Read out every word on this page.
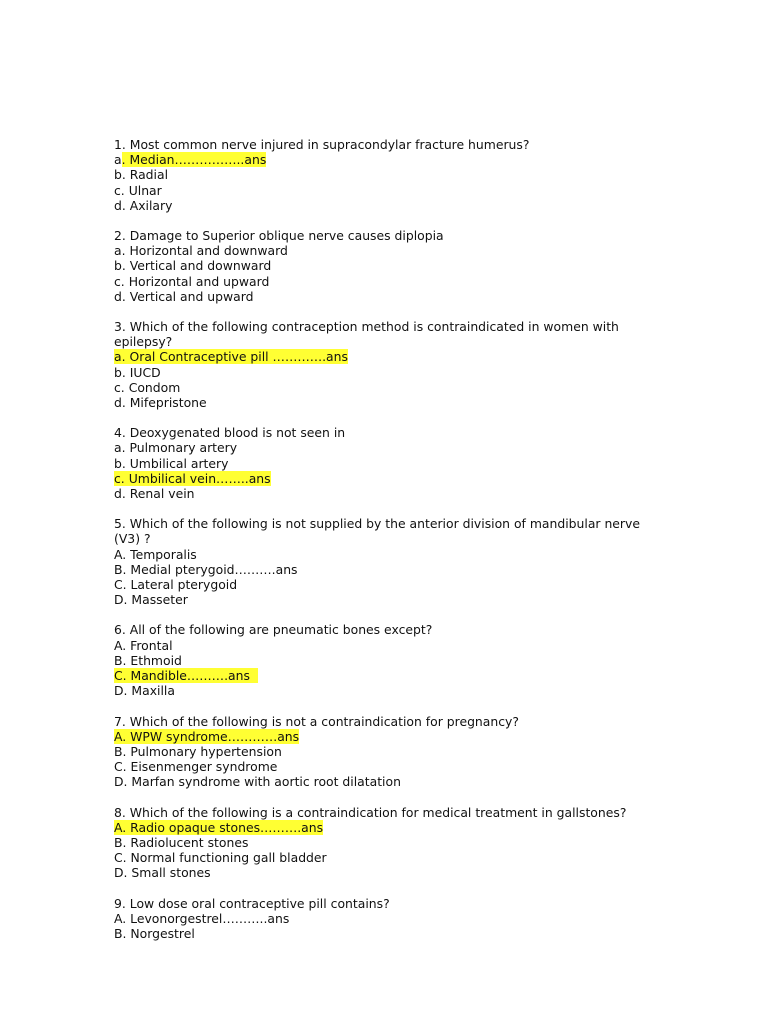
1. Most common nerve injured in supracondylar fracture humerus?
a. Median……………..ans
b. Radial
c. Ulnar
d. Axilary
2. Damage to Superior oblique nerve causes diplopia
a. Horizontal and downward
b. Vertical and downward
c. Horizontal and upward
d. Vertical and upward
3. Which of the following contraception method is contraindicated in women with epilepsy?
a. Oral Contraceptive pill ………….ans
b. IUCD
c. Condom
d. Mifepristone
4. Deoxygenated blood is not seen in
a. Pulmonary artery
b. Umbilical artery
c. Umbilical vein……..ans
d. Renal vein
5. Which of the following is not supplied by the anterior division of mandibular nerve (V3) ?
A. Temporalis
B. Medial pterygoid……….ans
C. Lateral pterygoid
D. Masseter
6. All of the following are pneumatic bones except?
A. Frontal
B. Ethmoid
C. Mandible……….ans
D. Maxilla
7. Which of the following is not a contraindication for pregnancy?
A. WPW syndrome…………ans
B. Pulmonary hypertension
C. Eisenmenger syndrome
D. Marfan syndrome with aortic root dilatation
8. Which of the following is a contraindication for medical treatment in gallstones?
A. Radio opaque stones……….ans
B. Radiolucent stones
C. Normal functioning gall bladder
D. Small stones
9. Low dose oral contraceptive pill contains?
A. Levonorgestrel………..ans
B. Norgestrel
